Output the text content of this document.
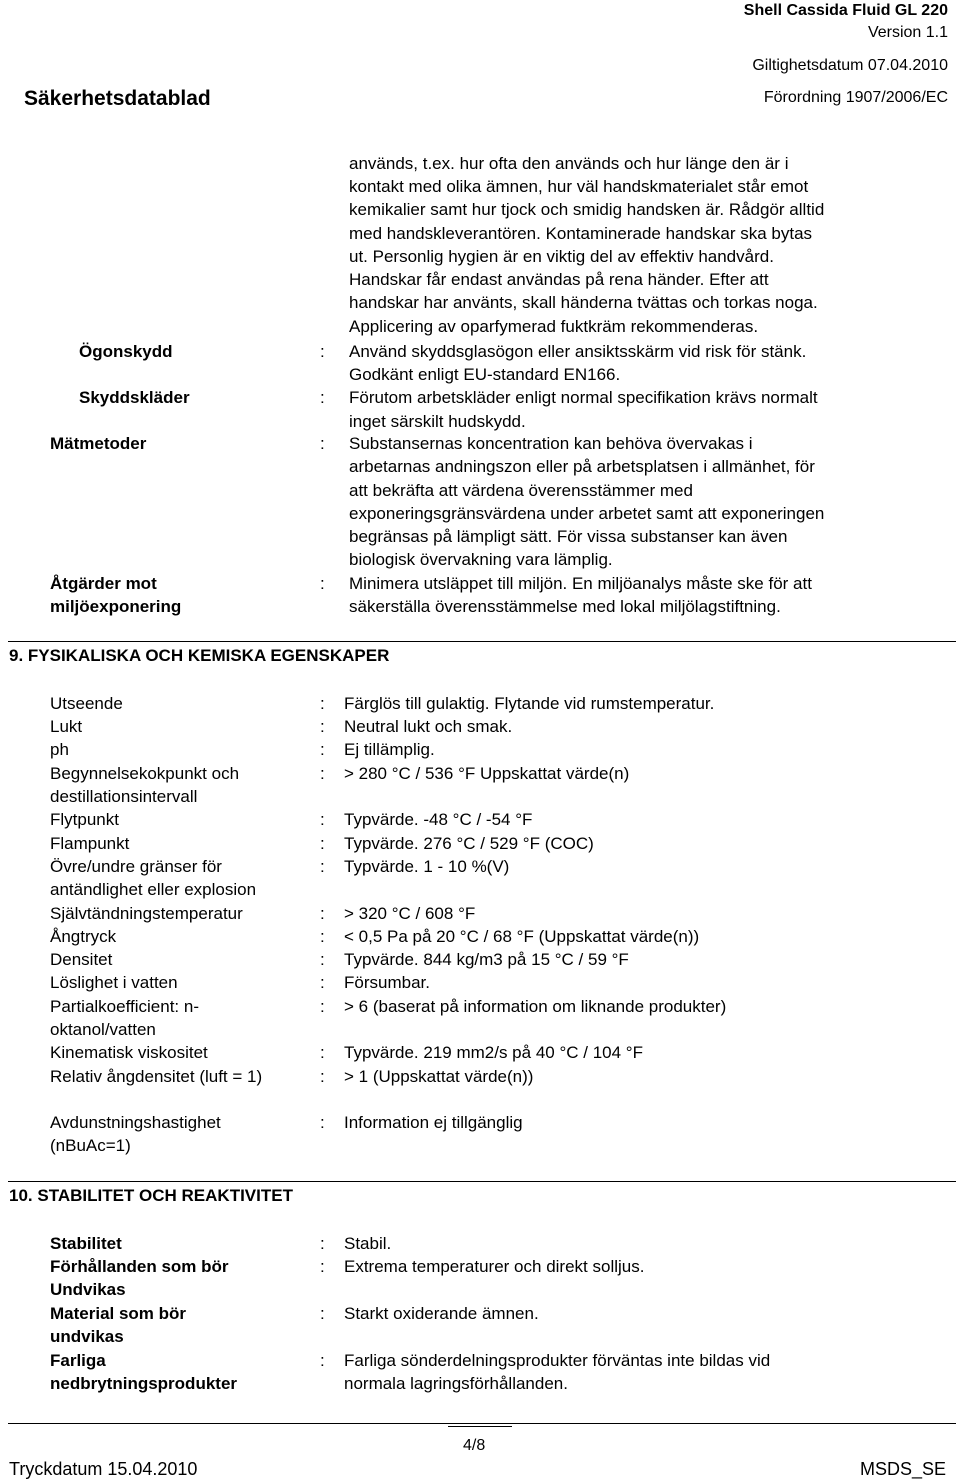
Shell Cassida Fluid GL 220
Version 1.1
Giltighetsdatum 07.04.2010
Säkerhetsdatablad	Förordning 1907/2006/EC
används, t.ex. hur ofta den används och hur länge den är i
kontakt med olika ämnen, hur väl handskmaterialet står emot
kemikalier samt hur tjock och smidig handsken är. Rådgör alltid
med handskleverantören. Kontaminerade handskar ska bytas
ut. Personlig hygien är en viktig del av effektiv handvård.
Handskar får endast användas på rena händer. Efter att
handskar har använts, skall händerna tvättas och torkas noga.
Applicering av oparfymerad fuktkräm rekommenderas.
Ögonskydd	: Använd skyddsglasögon eller ansiktsskärm vid risk för stänk.
Godkänt enligt EU-standard EN166.
Skyddskläder	: Förutom arbetskläder enligt normal specifikation krävs normalt
inget särskilt hudskydd.
Mätmetoder	: Substansernas koncentration kan behöva övervakas i
arbetarnas andningszon eller på arbetsplatsen i allmänhet, för
att bekräfta att värdena överensstämmer med
exponeringsgränsvärdena under arbetet samt att exponeringen
begränsas på lämpligt sätt. För vissa substanser kan även
biologisk övervakning vara lämplig.
Åtgärder mot
miljöexponering
: Minimera utsläppet till miljön. En miljöanalys måste ske för att
säkerställa överensstämmelse med lokal miljölagstiftning.
9. FYSIKALISKA OCH KEMISKA EGENSKAPER
Utseende	: Färglös till gulaktig. Flytande vid rumstemperatur.
Lukt	: Neutral lukt och smak.
ph	: Ej tillämplig.
Begynnelsekokpunkt och destillationsintervall
: > 280 °C / 536 °F Uppskattat värde(n)
Flytpunkt	: Typvärde. -48 °C / -54 °F
Flampunkt	: Typvärde. 276 °C / 529 °F (COC)
Övre/undre gränser för antändlighet eller explosion
: Typvärde. 1 - 10 %(V)
Självtändningstemperatur	: > 320 °C / 608 °F
Ångtryck	: < 0,5 Pa på 20 °C / 68 °F (Uppskattat värde(n))
Densitet	: Typvärde. 844 kg/m3 på 15 °C / 59 °F
Löslighet i vatten	: Försumbar.
Partialkoefficient: n-oktanol/vatten
: > 6 (baserat på information om liknande produkter)
Kinematisk viskositet	: Typvärde. 219 mm2/s på 40 °C / 104 °F
Relativ ångdensitet (luft = 1)	: > 1 (Uppskattat värde(n))
Avdunstningshastighet (nBuAc=1)
: Information ej tillgänglig
10. STABILITET OCH REAKTIVITET
Stabilitet	: Stabil.
Förhållanden som bör Undvikas
: Extrema temperaturer och direkt solljus.
Material som bör undvikas
: Starkt oxiderande ämnen.
Farliga nedbrytningsprodukter
: Farliga sönderdelningsprodukter förväntas inte bildas vid
normala lagringsförhållanden.
4/8
Tryckdatum 15.04.2010	MSDS_SE
